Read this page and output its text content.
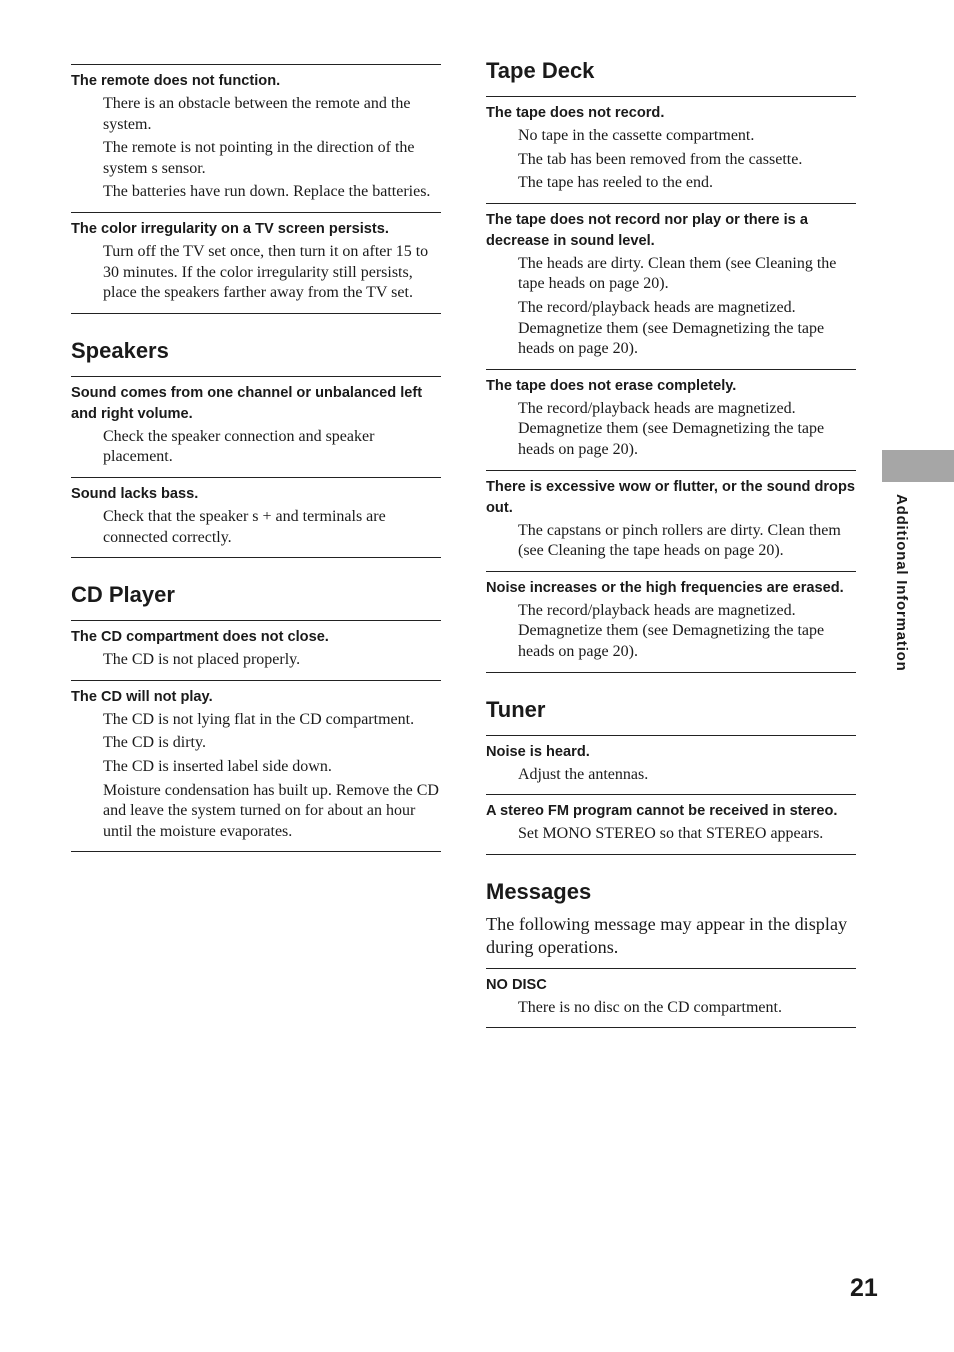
The remote does not function.

There is an obstacle between the remote and the system.

The remote is not pointing in the direction of the system s sensor.

The batteries have run down. Replace the batteries.

The color irregularity on a TV screen persists.

Turn off the TV set once, then turn it on after 15 to 30 minutes. If the color irregularity still persists, place the speakers farther away from the TV set.

Speakers

Sound comes from one channel or unbalanced left and right volume.

Check the speaker connection and speaker placement.

Sound lacks bass.

Check that the speaker s + and terminals are connected correctly.

CD Player

The CD compartment does not close.

The CD is not placed properly.

The CD will not play.

The CD is not lying flat in the CD compartment.

The CD is dirty.

The CD is inserted label side down.

Moisture condensation has built up. Remove the CD and leave the system turned on for about an hour until the moisture evaporates.

Tape Deck

The tape does not record.

No tape in the cassette compartment.

The tab has been removed from the cassette.

The tape has reeled to the end.

The tape does not record nor play or there is a decrease in sound level.

The heads are dirty. Clean them (see Cleaning the tape heads on page 20).

The record/playback heads are magnetized. Demagnetize them (see Demagnetizing the tape heads on page 20).

The tape does not erase completely.

The record/playback heads are magnetized. Demagnetize them (see Demagnetizing the tape heads on page 20).

There is excessive wow or flutter, or the sound drops out.

The capstans or pinch rollers are dirty. Clean them (see Cleaning the tape heads on page 20).

Noise increases or the high frequencies are erased.

The record/playback heads are magnetized. Demagnetize them (see Demagnetizing the tape heads on page 20).

Tuner

Noise is heard.

Adjust the antennas.

A stereo FM program cannot be received in stereo.

Set MONO STEREO so that STEREO appears.

Messages

The following message may appear in the display during operations.

NO DISC

There is no disc on the CD compartment.

Additional Information
21
